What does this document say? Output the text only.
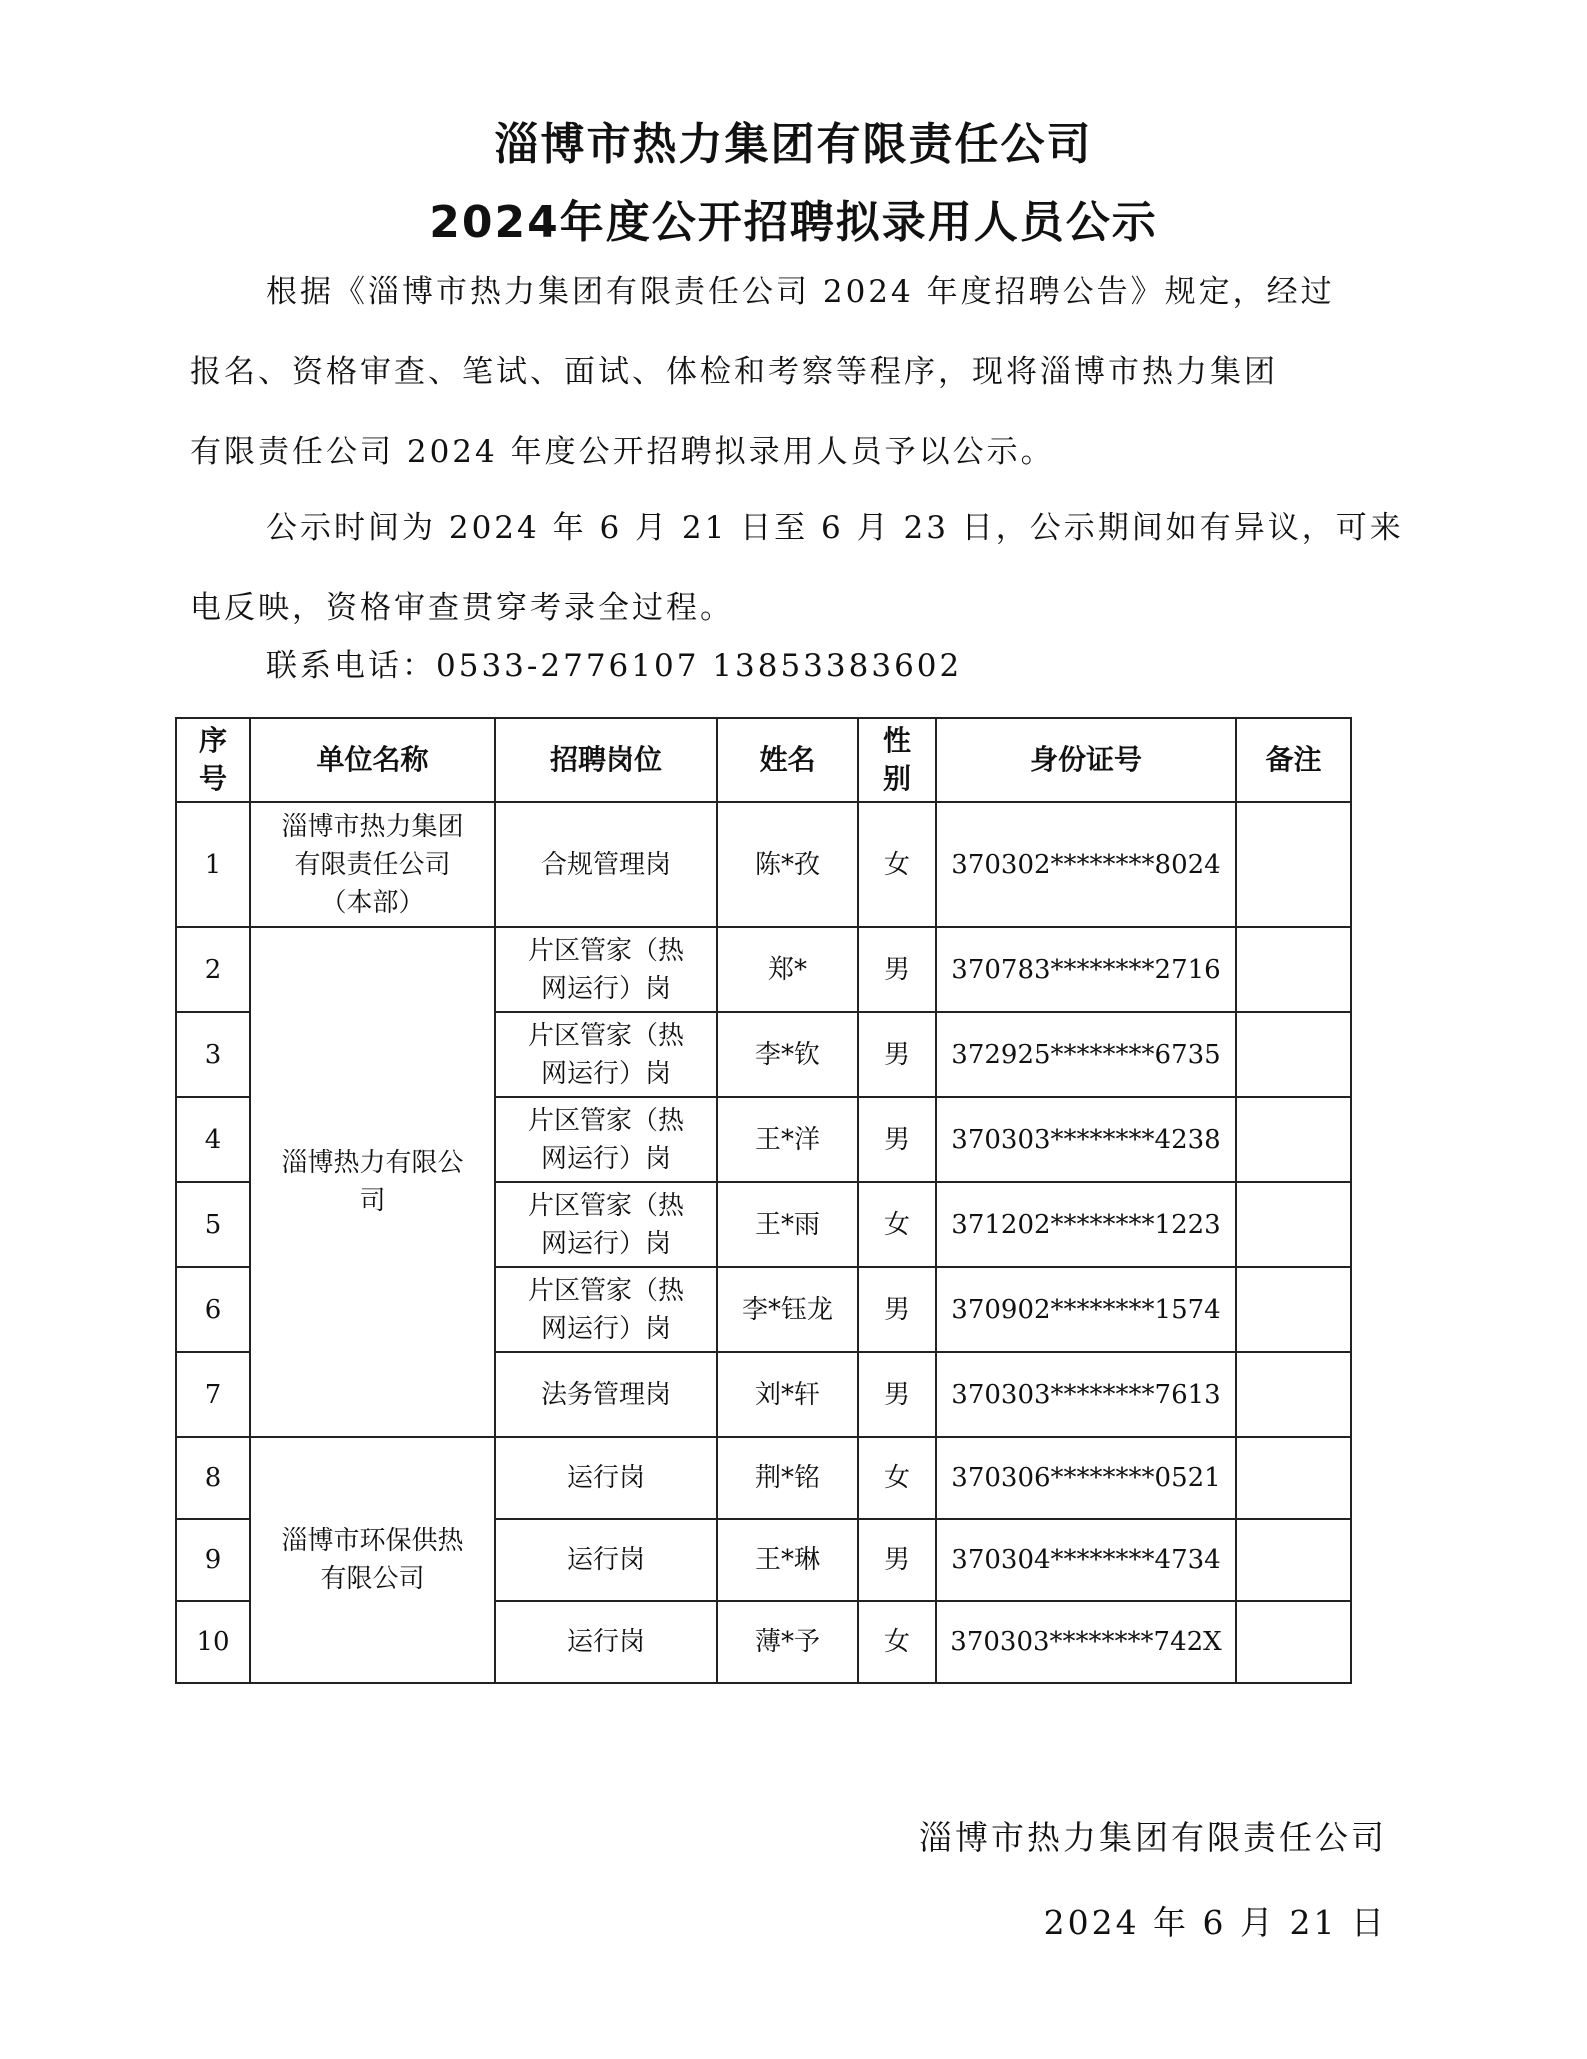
淄博市热力集团有限责任公司
2024年度公开招聘拟录用人员公示
根据《淄博市热力集团有限责任公司 2024 年度招聘公告》规定，经过
报名、资格审查、笔试、面试、体检和考察等程序，现将淄博市热力集团
有限责任公司 2024 年度公开招聘拟录用人员予以公示。
公示时间为 2024 年 6 月 21 日至 6 月 23 日，公示期间如有异议，可来
电反映，资格审查贯穿考录全过程。
联系电话：0533-2776107 13853383602
序号	单位名称	招聘岗位	姓名	性别	身份证号	备注
1	淄博市热力集团有限责任公司（本部）	合规管理岗	陈*孜	女	370302********8024	
2	淄博热力有限公司	片区管家（热网运行）岗	郑*	男	370783********2716	
3		片区管家（热网运行）岗	李*钦	男	372925********6735	
4		片区管家（热网运行）岗	王*洋	男	370303********4238	
5		片区管家（热网运行）岗	王*雨	女	371202********1223	
6		片区管家（热网运行）岗	李*钰龙	男	370902********1574	
7		法务管理岗	刘*轩	男	370303********7613	
8	淄博市环保供热有限公司	运行岗	荆*铭	女	370306********0521	
9		运行岗	王*琳	男	370304********4734	
10		运行岗	薄*予	女	370303********742X	
淄博市热力集团有限责任公司
2024 年 6 月 21 日
